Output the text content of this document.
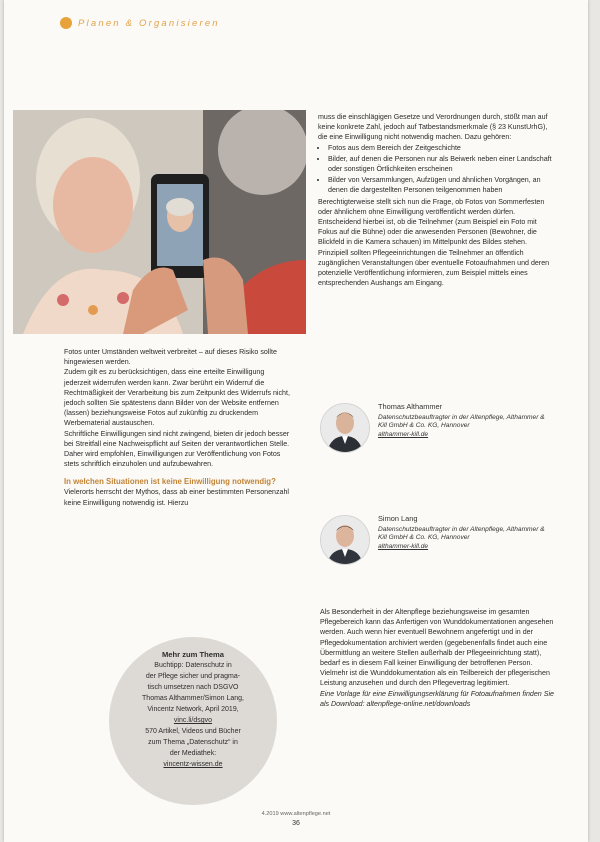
Planen & Organisieren

Fotos unter Umständen weltweit verbreitet – auf dieses Risiko sollte hingewiesen werden.

Zudem gilt es zu berücksichtigen, dass eine erteilte Einwilligung jederzeit widerrufen werden kann. Zwar berührt ein Widerruf die Rechtmäßigkeit der Verarbeitung bis zum Zeitpunkt des Widerrufs nicht, jedoch sollten Sie spätestens dann Bilder von der Website entfernen (lassen) beziehungsweise Fotos auf zukünftig zu druckendem Werbematerial austauschen.

Schriftliche Einwilligungen sind nicht zwingend, bieten dir jedoch besser bei Streitfall eine Nachweispflicht auf Seiten der verantwortlichen Stelle. Daher wird empfohlen, Einwilligungen zur Veröffentlichung von Fotos stets schriftlich einzuholen und aufzubewahren.

In welchen Situationen ist keine Einwilligung notwendig?

Vielerorts herrscht der Mythos, dass ab einer bestimmten Personenzahl keine Einwilligung notwendig ist. Hierzu

muss die einschlägigen Gesetze und Verordnungen durch, stößt man auf keine konkrete Zahl, jedoch auf Tatbestandsmerkmale (§ 23 KunstUrhG), die eine Einwilligung nicht notwendig machen. Dazu gehören:

• Fotos aus dem Bereich der Zeitgeschichte
• Bilder, auf denen die Personen nur als Beiwerk neben einer Landschaft oder sonstigen Örtlichkeiten erscheinen
• Bilder von Versammlungen, Aufzügen und ähnlichen Vorgängen, an denen die dargestellten Personen teilgenommen haben

Berechtigterweise stellt sich nun die Frage, ob Fotos von Sommerfesten oder ähnlichem ohne Einwilligung veröffentlicht werden dürfen. Entscheidend hierbei ist, ob die Teilnehmer (zum Beispiel ein Foto mit Fokus auf die Bühne) oder die anwesenden Personen (Bewohner, die Blickfeld in die Kamera schauen) im Mittelpunkt des Bildes stehen. Prinzipiell sollten Pflegeeinrichtungen die Teilnehmer an öffentlich zugänglichen Veranstaltungen über eventuelle Fotoaufnahmen und deren potenzielle Veröffentlichung informieren, zum Beispiel mittels eines entsprechenden Aushangs am Eingang.

Thomas Althammer
Datenschutzbeauftragter in der Altenpflege, Althammer & Kill GmbH & Co. KG, Hannover
althammer-kill.de
Simon Lang
Datenschutzbeauftragter in der Altenpflege, Althammer & Kill GmbH & Co. KG, Hannover
althammer-kill.de

Als Besonderheit in der Altenpflege beziehungsweise im gesamten Pflegebereich kann das Anfertigen von Wunddokumentationen angesehen werden. Auch wenn hier eventuell Bewohnern angefertigt und in der Pflegedokumentation archiviert werden (gegebenenfalls findet auch eine Übermittlung an weitere Stellen außerhalb der Pflegeeinrichtung statt), bedarf es in diesem Fall keiner Einwilligung der betroffenen Person. Vielmehr ist die Wunddokumentation als ein Teilbereich der pflegerischen Leistung anzusehen und durch den Pflegevertrag legitimiert.

Eine Vorlage für eine Einwilligungserklärung für Fotoaufnahmen finden Sie als Download: altenpflege-online.net/downloads

Mehr zum Thema
Buchtipp: Datenschutz in
der Pflege sicher und pragma-
tisch umsetzen nach DSGVO
Thomas Althammer/Simon Lang,
Vincentz Network, April 2019,
vinc.li/dsgvo
570 Artikel, Videos und Bücher
zum Thema „Datenschutz“ in
der Mediathek:
vincentz-wissen.de
4.2019 www.altenpflege.net
36
